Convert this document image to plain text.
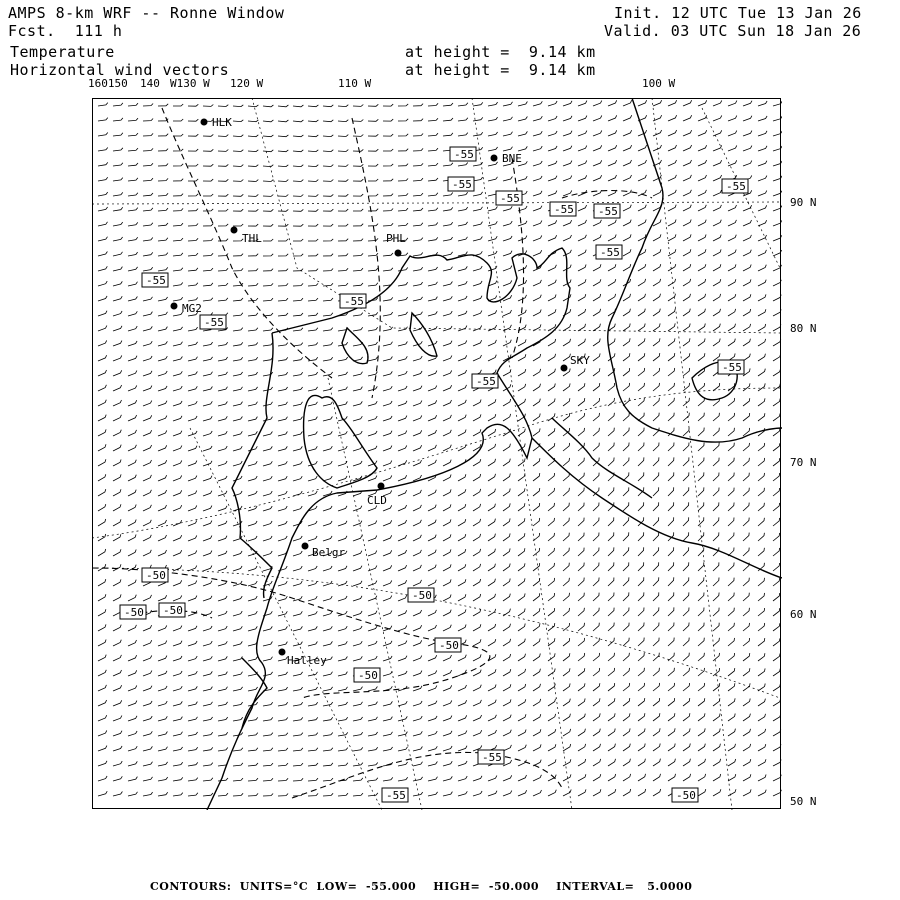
AMPS 8-km WRF -- Ronne Window
Fcst. 111 h
Init. 12 UTC Tue 13 Jan 26
Valid. 03 UTC Sun 18 Jan 26
Temperature
Horizontal wind vectors
at height =  9.14 km
at height =  9.14 km
160150 140 W130 W 120 W	110 W	100 W
90 N
80 N
70 N
60 N
50 N
HLK
BNE
THL	PHL
MG2
SKY
CLD
Belgr
Halley
-55
-55
-55
-55 -55
-55
-55
-55
-55
-55
-55
-55
-50
-50 -50
-50
-50
-50
-55
-55	-50
CONTOURS: UNITS=°C LOW=  -55.000 HIGH=  -50.000 INTERVAL=   5.0000
